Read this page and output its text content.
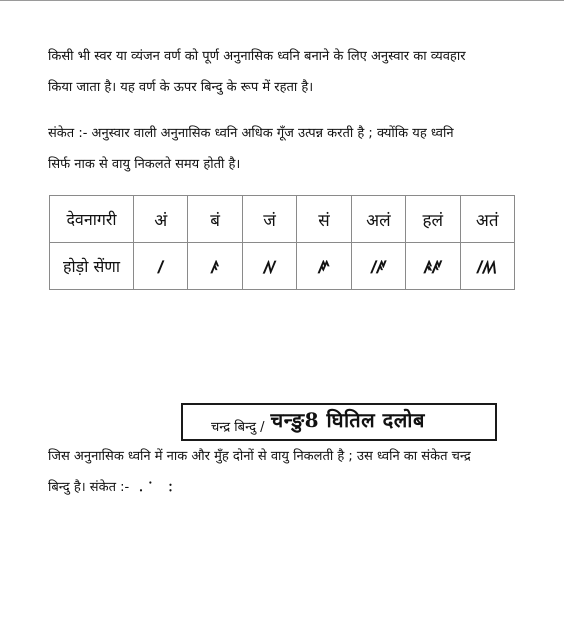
किसी भी स्वर या व्यंजन वर्ण को पूर्ण अनुनासिक ध्वनि बनाने के लिए अनुस्वार का व्यवहार
किया जाता है। यह वर्ण के ऊपर बिन्दु के रूप में रहता है।

संकेत :- अनुस्वार वाली अनुनासिक ध्वनि अधिक गूँज उत्पन्न करती है ; क्योंकि यह ध्वनि
सिर्फ नाक से वायु निकलते समय होती है।

देवनागरी	अं	बं	जं	सं	अलं	हलं	अतं
होड़ो सेंणा	ꤷ	ꤰ	ꤾ	ꤺ	ꤷꥆ	ꤴꥆ	ꤷꤵ
चन्द्र बिन्दु / चन्ङु8 घितिल दलोब

जिस अनुनासिक ध्वनि में नाक और मुँह दोनों से वायु निकलती है ; उस ध्वनि का संकेत चन्द्र
बिन्दु है। संकेत :- ᱹᱸ ᱺ
